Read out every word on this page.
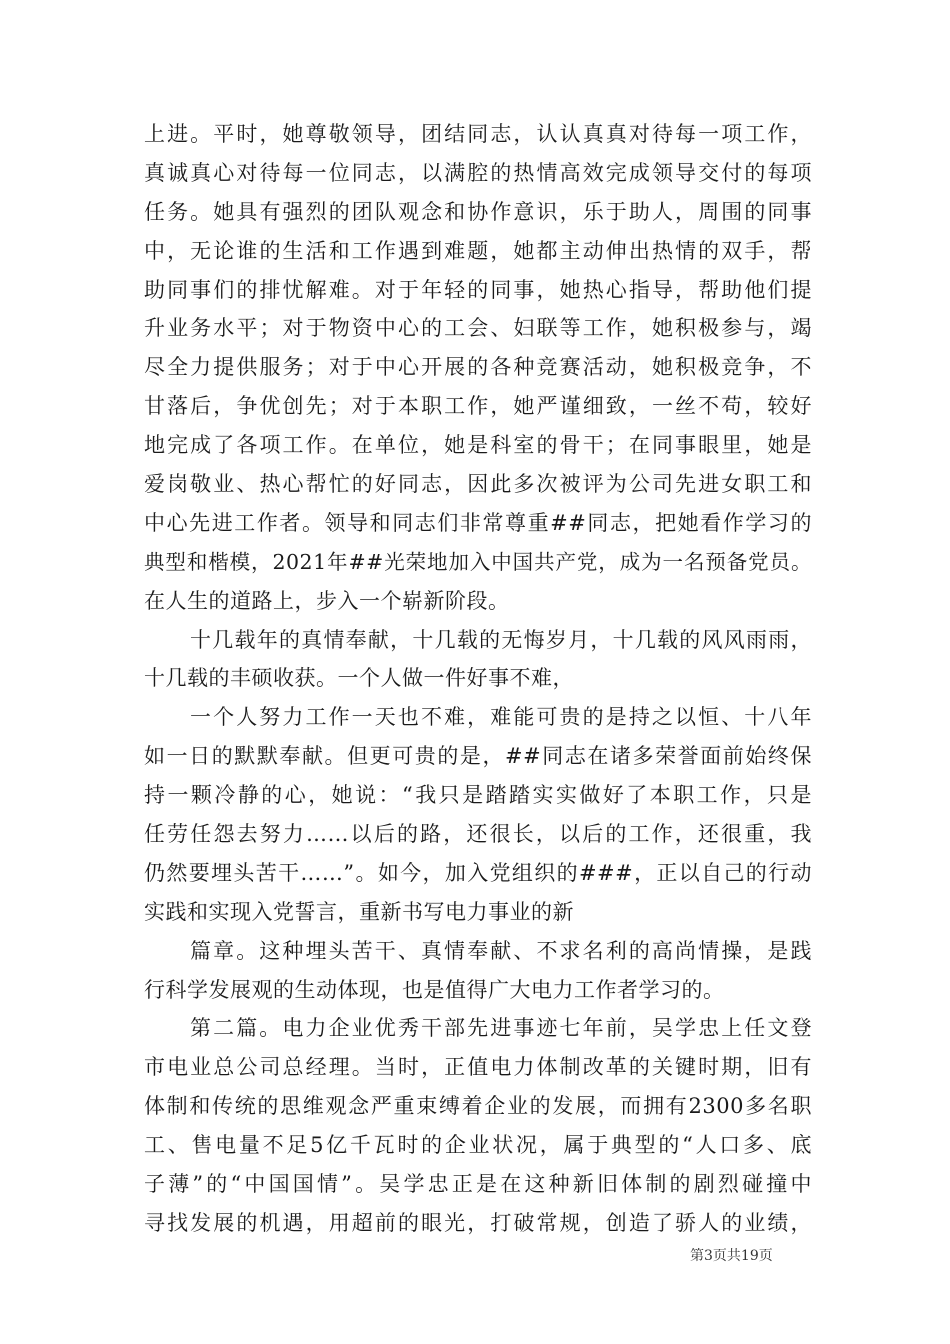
上进。平时，她尊敬领导，团结同志，认认真真对待每一项工作，
真诚真心对待每一位同志，以满腔的热情高效完成领导交付的每项
任务。她具有强烈的团队观念和协作意识，乐于助人，周围的同事
中，无论谁的生活和工作遇到难题，她都主动伸出热情的双手，帮
助同事们的排忧解难。对于年轻的同事，她热心指导，帮助他们提
升业务水平；对于物资中心的工会、妇联等工作，她积极参与，竭
尽全力提供服务；对于中心开展的各种竞赛活动，她积极竞争，不
甘落后，争优创先；对于本职工作，她严谨细致，一丝不苟，较好
地完成了各项工作。在单位，她是科室的骨干；在同事眼里，她是
爱岗敬业、热心帮忙的好同志，因此多次被评为公司先进女职工和
中心先进工作者。领导和同志们非常尊重##同志，把她看作学习的
典型和楷模，2021年##光荣地加入中国共产党，成为一名预备党员。
在人生的道路上，步入一个崭新阶段。
十几载年的真情奉献，十几载的无悔岁月，十几载的风风雨雨，
十几载的丰硕收获。一个人做一件好事不难，
一个人努力工作一天也不难，难能可贵的是持之以恒、十八年
如一日的默默奉献。但更可贵的是，##同志在诸多荣誉面前始终保
持一颗冷静的心，她说：“我只是踏踏实实做好了本职工作，只是
任劳任怨去努力……以后的路，还很长，以后的工作，还很重，我
仍然要埋头苦干……”。如今，加入党组织的###，正以自己的行动
实践和实现入党誓言，重新书写电力事业的新
篇章。这种埋头苦干、真情奉献、不求名利的高尚情操，是践
行科学发展观的生动体现，也是值得广大电力工作者学习的。
第二篇。电力企业优秀干部先进事迹七年前，吴学忠上任文登
市电业总公司总经理。当时，正值电力体制改革的关键时期，旧有
体制和传统的思维观念严重束缚着企业的发展，而拥有2300多名职
工、售电量不足5亿千瓦时的企业状况，属于典型的“人口多、底
子薄”的“中国国情”。吴学忠正是在这种新旧体制的剧烈碰撞中
寻找发展的机遇，用超前的眼光，打破常规，创造了骄人的业绩，
第3页共19页
